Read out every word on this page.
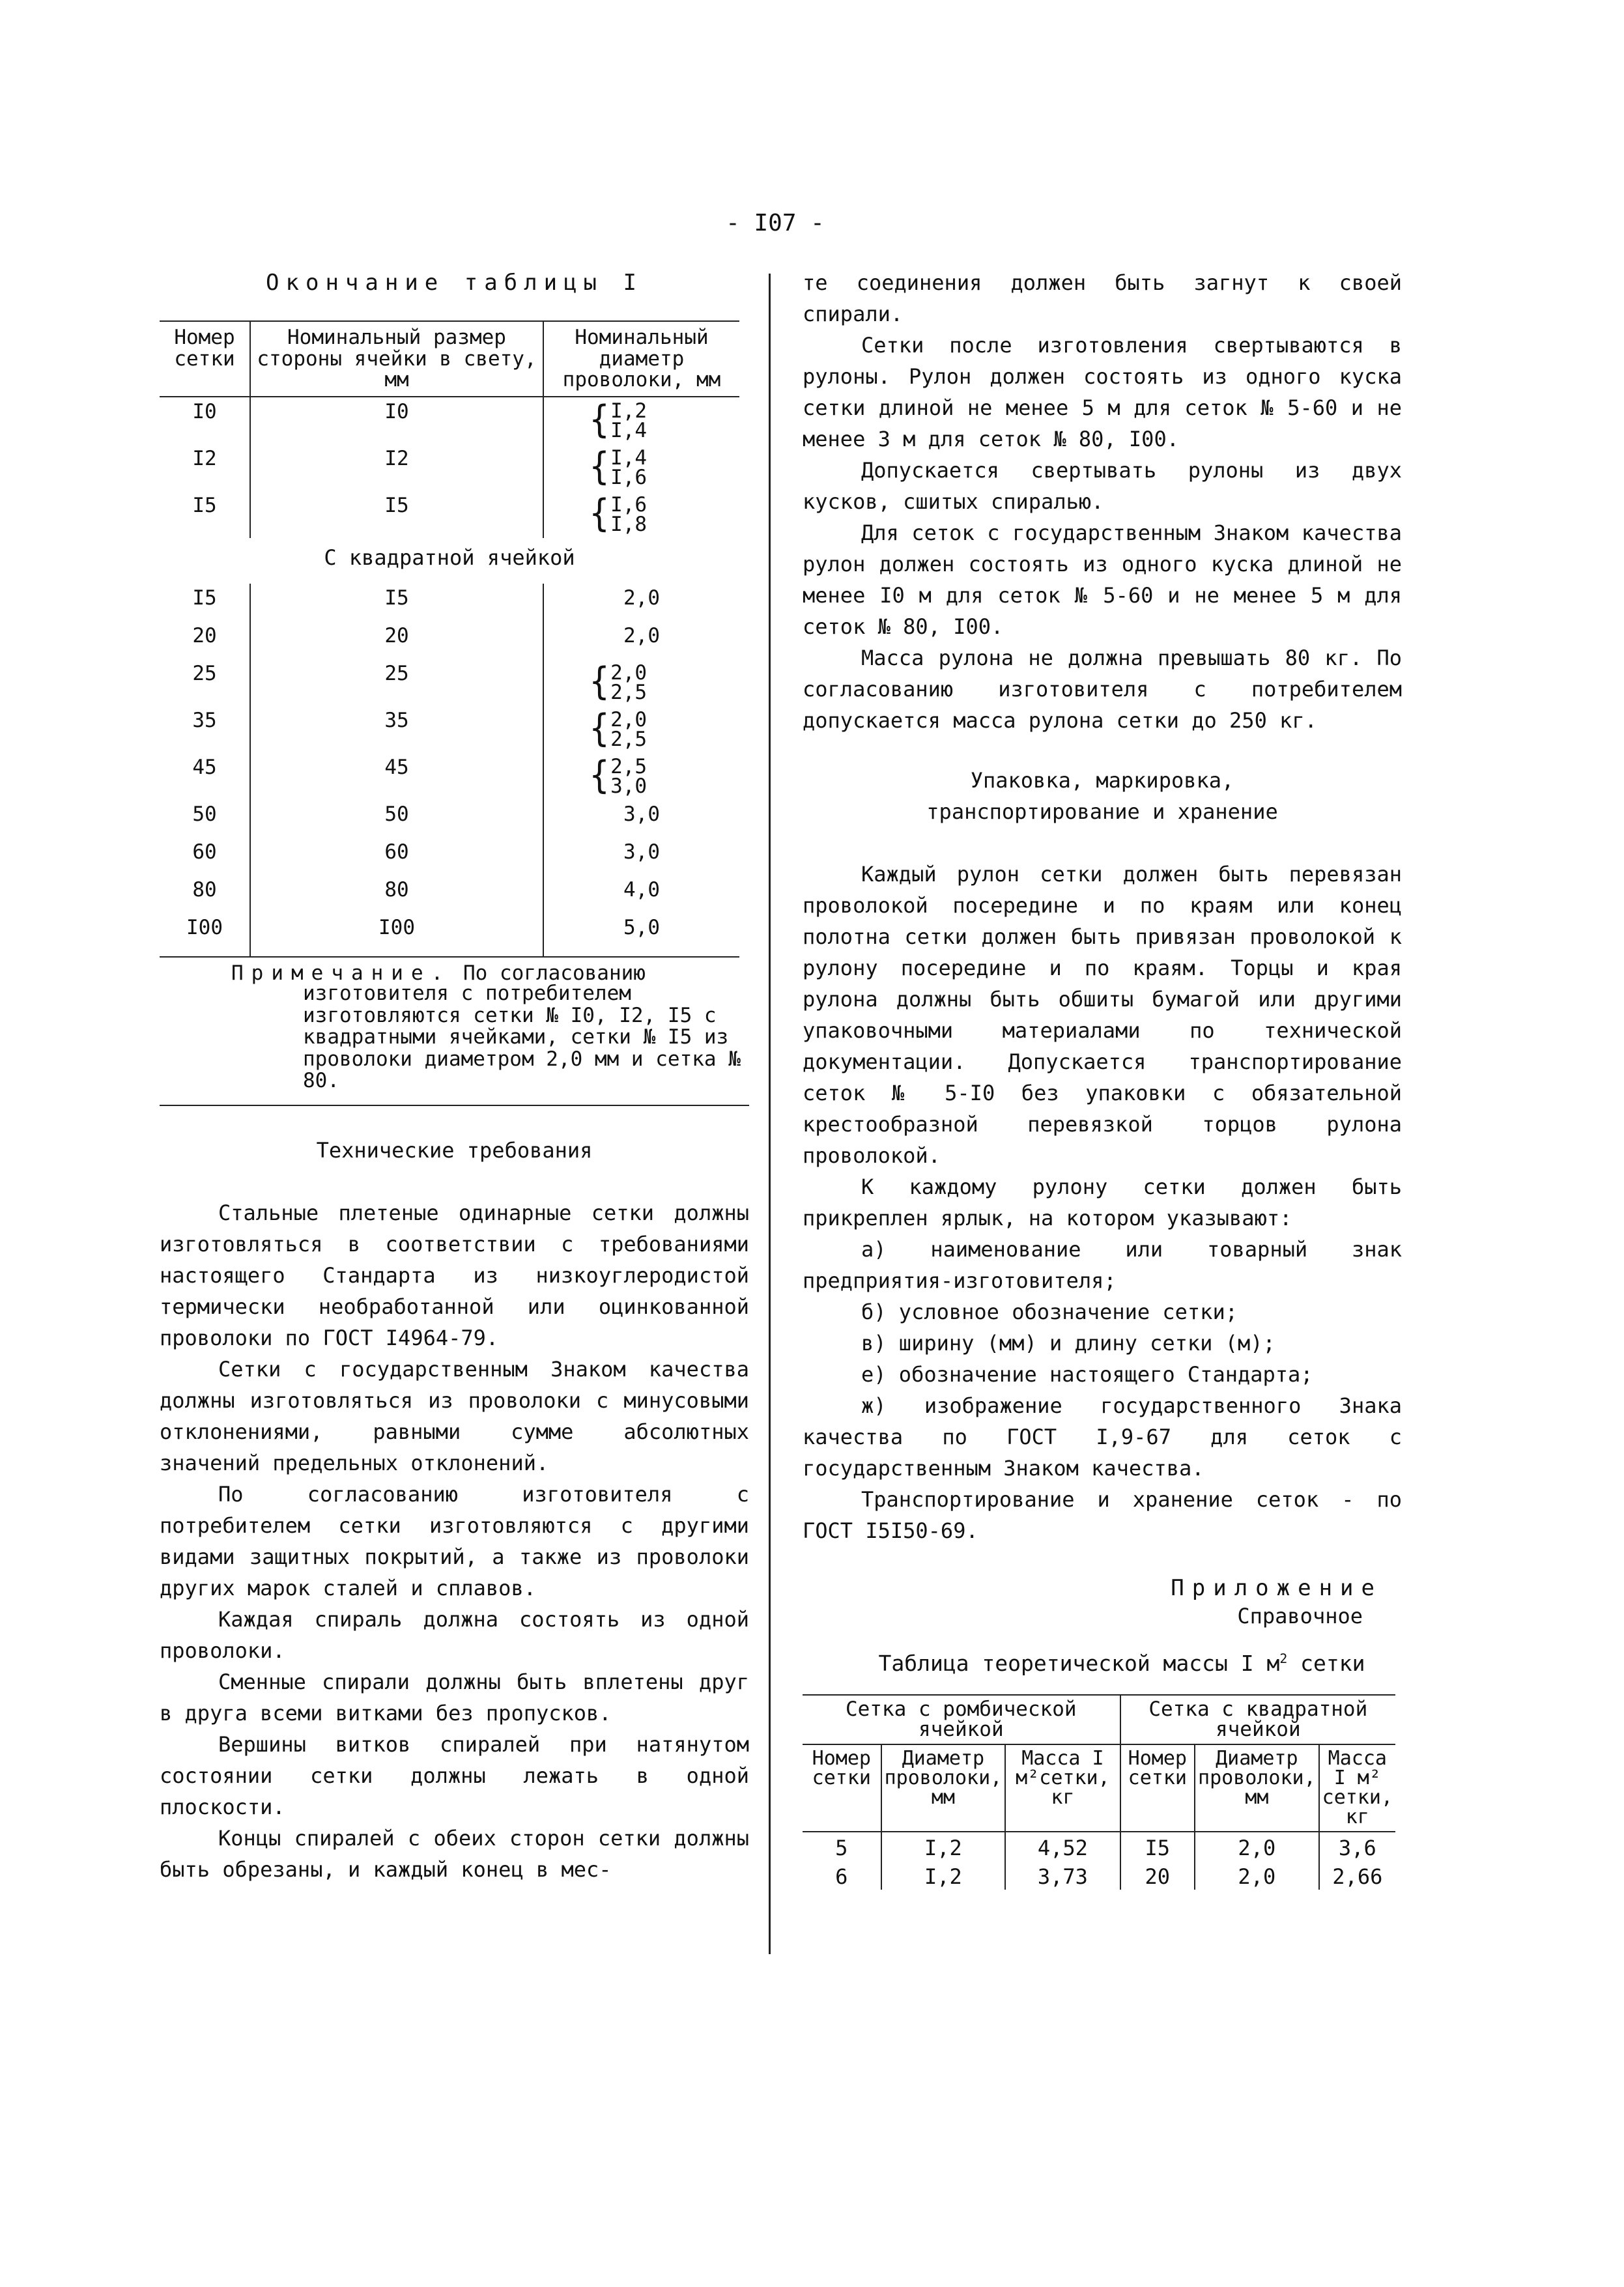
- I07 -
Окончание таблицы I
Номер сетки	Номинальный размер стороны ячейки в свету, мм	Номинальный диаметр проволоки, мм
I0	I0	{I,2
I,4
I2	I2	{I,4
I,6
I5	I5	{I,6
I,8
С квадратной ячейкой		
I5	I5	2,0
20	20	2,0
25	25	{2,0
2,5
35	35	{2,0
2,5
45	45	{2,5
3,0
50	50	3,0
60	60	3,0
80	80	4,0
I00	I00	5,0
Примечание. По согласованию
изготовителя с потребителем изготовляются сетки № I0, I2, I5 с квадратными ячейками, сетки № I5 из проволоки диаметром 2,0 мм и сетка № 80.
Технические требования

Стальные плетеные одинарные сетки должны изготовляться в соответствии с требованиями настоящего Стандарта из низкоуглеродистой термически необработанной или оцинкованной проволоки по ГОСТ I4964-79.

Сетки с государственным Знаком качества должны изготовляться из проволоки с минусовыми отклонениями, равными сумме абсолютных значений предельных отклонений.

По согласованию изготовителя с потребителем сетки изготовляются с другими видами защитных покрытий, а также из проволоки других марок сталей и сплавов.

Каждая спираль должна состоять из одной проволоки.

Сменные спирали должны быть вплетены друг в друга всеми витками без пропусков.

Вершины витков спиралей при натянутом состоянии сетки должны лежать в одной плоскости.

Концы спиралей с обеих сторон сетки должны быть обрезаны, и каждый конец в мес-

те соединения должен быть загнут к своей спирали.

Сетки после изготовления свертываются в рулоны. Рулон должен состоять из одного куска сетки длиной не менее 5 м для сеток № 5-60 и не менее 3 м для сеток № 80, I00.

Допускается свертывать рулоны из двух кусков, сшитых спиралью.

Для сеток с государственным Знаком качества рулон должен состоять из одного куска длиной не менее I0 м для сеток № 5-60 и не менее 5 м для сеток № 80, I00.

Масса рулона не должна превышать 80 кг. По согласованию изготовителя с потребителем допускается масса рулона сетки до 250 кг.

Упаковка, маркировка,
транспортирование и хранение

Каждый рулон сетки должен быть перевязан проволокой посередине и по краям или конец полотна сетки должен быть привязан проволокой к рулону посередине и по краям. Торцы и края рулона должны быть обшиты бумагой или другими упаковочными материалами по технической документации. Допускается транспортирование сеток № 5-I0 без упаковки с обязательной крестообразной перевязкой торцов рулона проволокой.

К каждому рулону сетки должен быть прикреплен ярлык, на котором указывают:

а) наименование или товарный знак предприятия-изготовителя;

б) условное обозначение сетки;

в) ширину (мм) и длину сетки (м);

е) обозначение настоящего Стандарта;

ж) изображение государственного Знака качества по ГОСТ I,9-67 для сеток с государственным Знаком качества.

Транспортирование и хранение сеток - по ГОСТ I5I50-69.

Приложение
Справочное
Таблица теоретической массы I $м^2$ сетки
Сетка с ромбической ячейкой			Сетка с квадратной ячейкой		
Номер сетки	Диаметр проволоки, мм	Масса I м²сетки, кг	Номер сетки	Диаметр проволоки, мм	Масса I м² сетки, кг
5	I,2	4,52	I5	2,0	3,6
6	I,2	3,73	20	2,0	2,66
